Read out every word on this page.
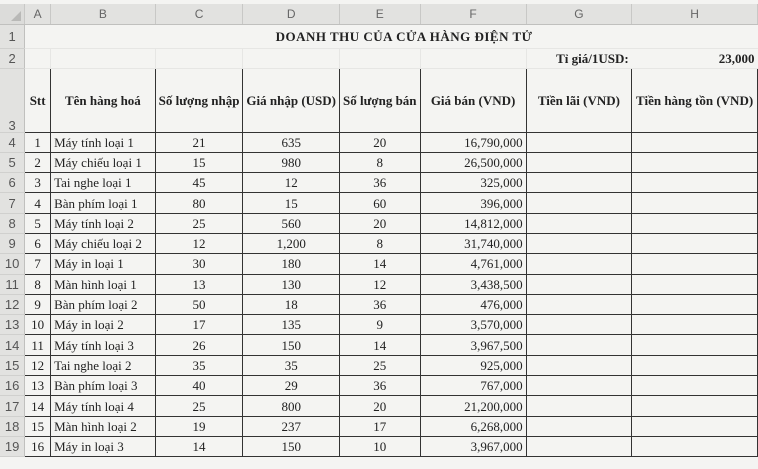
	A	B	C	D	E	F	G	H
1		DOANH THU CỦA CỬA HÀNG ĐIỆN TỬ						
2							Tỉ giá/1USD:	23,000
3	Stt	Tên hàng hoá	Số lượng nhập	Giá nhập (USD)	Số lượng bán	Giá bán (VND)	Tiền lãi (VND)	Tiền hàng tồn (VND)
4	1	Máy tính loại 1	21	635	20	16,790,000		
5	2	Máy chiếu loại 1	15	980	8	26,500,000		
6	3	Tai nghe loại 1	45	12	36	325,000		
7	4	Bàn phím loại 1	80	15	60	396,000		
8	5	Máy tính loại 2	25	560	20	14,812,000		
9	6	Máy chiếu loại 2	12	1,200	8	31,740,000		
10	7	Máy in loại 1	30	180	14	4,761,000		
11	8	Màn hình loại 1	13	130	12	3,438,500		
12	9	Bàn phím loại 2	50	18	36	476,000		
13	10	Máy in loại 2	17	135	9	3,570,000		
14	11	Máy tính loại 3	26	150	14	3,967,500		
15	12	Tai nghe loại 2	35	35	25	925,000		
16	13	Bàn phím loại 3	40	29	36	767,000		
17	14	Máy tính loại 4	25	800	20	21,200,000		
18	15	Màn hình loại 2	19	237	17	6,268,000		
19	16	Máy in loại 3	14	150	10	3,967,000		
